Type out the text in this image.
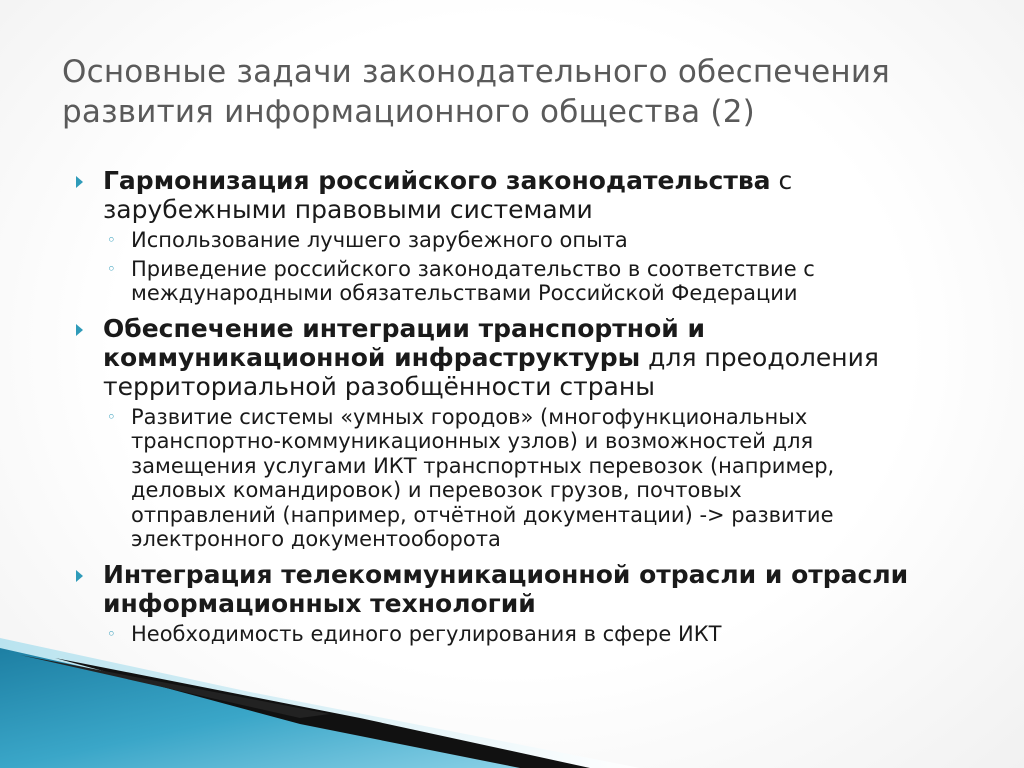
Основные задачи законодательного обеспечения
развития информационного общества (2)
Гармонизация российского законодательства с
зарубежными правовыми системами
◦ Использование лучшего зарубежного опыта
◦ Приведение российского законодательство в соответствие с
международными обязательствами Российской Федерации
Обеспечение интеграции транспортной и
коммуникационной инфраструктуры для преодоления
территориальной разобщённости страны
◦ Развитие системы «умных городов» (многофункциональных
транспортно-коммуникационных узлов) и возможностей для
замещения услугами ИКТ транспортных перевозок (например,
деловых командировок) и перевозок грузов, почтовых
отправлений (например, отчётной документации) -> развитие
электронного документооборота
Интеграция телекоммуникационной отрасли и отрасли
информационных технологий
◦ Необходимость единого регулирования в сфере ИКТ
